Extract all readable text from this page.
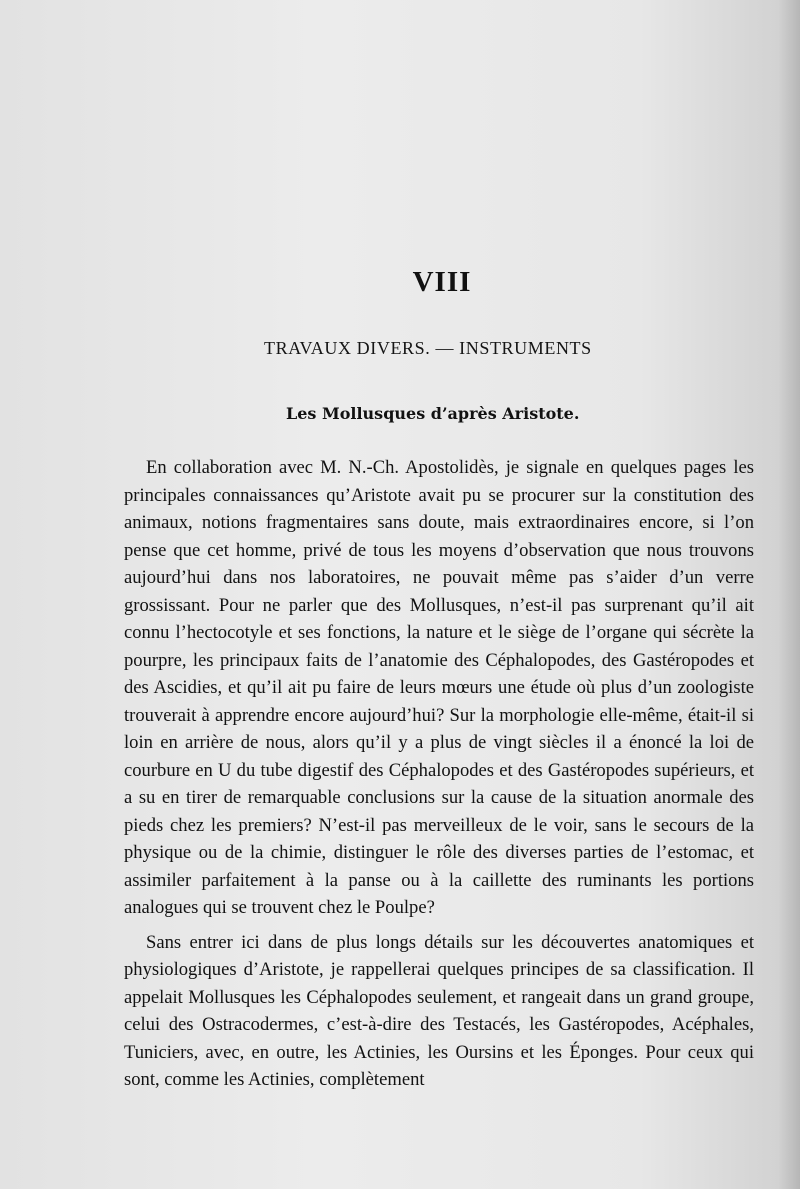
VIII
TRAVAUX DIVERS. — INSTRUMENTS
Les Mollusques d’après Aristote.

En collaboration avec M. N.-Ch. Apostolidès, je signale en quelques pages les principales connaissances qu’Aristote avait pu se procurer sur la constitution des animaux, notions fragmentaires sans doute, mais extraordinaires encore, si l’on pense que cet homme, privé de tous les moyens d’observation que nous trouvons aujourd’hui dans nos laboratoires, ne pouvait même pas s’aider d’un verre grossissant. Pour ne parler que des Mollusques, n’est-il pas surprenant qu’il ait connu l’hectocotyle et ses fonctions, la nature et le siège de l’organe qui sécrète la pourpre, les principaux faits de l’anatomie des Céphalopodes, des Gastéropodes et des Ascidies, et qu’il ait pu faire de leurs mœurs une étude où plus d’un zoologiste trouverait à apprendre encore aujourd’hui? Sur la morphologie elle-même, était-il si loin en arrière de nous, alors qu’il y a plus de vingt siècles il a énoncé la loi de courbure en U du tube digestif des Céphalopodes et des Gastéropodes supérieurs, et a su en tirer de remarquable conclusions sur la cause de la situation anormale des pieds chez les premiers? N’est-il pas merveilleux de le voir, sans le secours de la physique ou de la chimie, distinguer le rôle des diverses parties de l’estomac, et assimiler parfaitement à la panse ou à la caillette des ruminants les portions analogues qui se trouvent chez le Poulpe?

Sans entrer ici dans de plus longs détails sur les découvertes anatomiques et physiologiques d’Aristote, je rappellerai quelques principes de sa classification. Il appelait Mollusques les Céphalopodes seulement, et rangeait dans un grand groupe, celui des Ostracodermes, c’est-à-dire des Testacés, les Gastéropodes, Acéphales, Tuniciers, avec, en outre, les Actinies, les Oursins et les Éponges. Pour ceux qui sont, comme les Actinies, complètement
